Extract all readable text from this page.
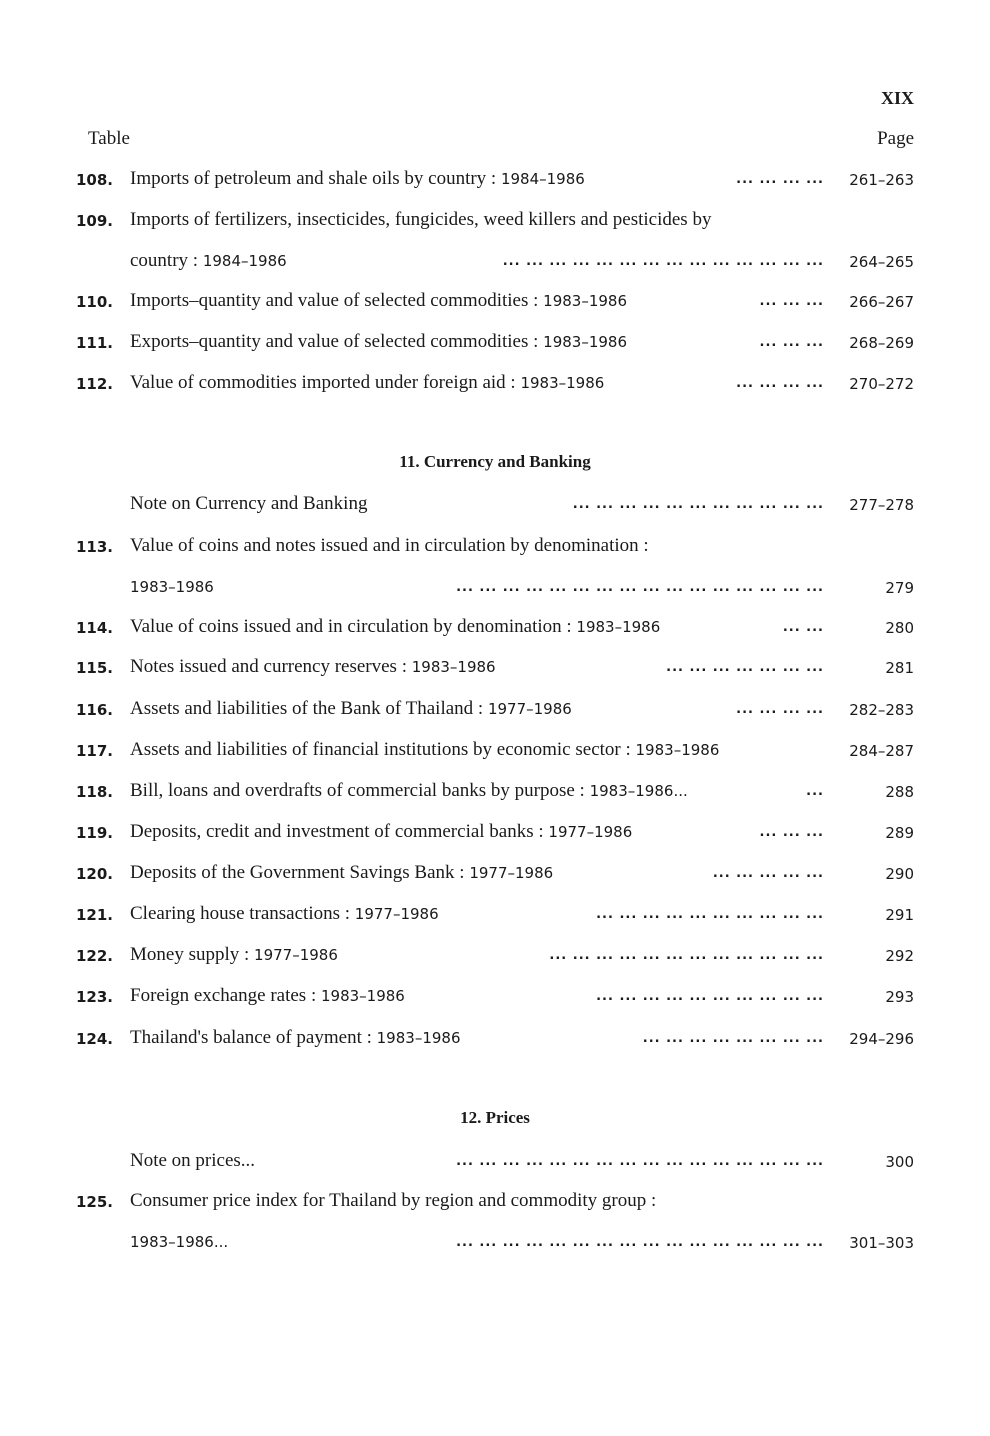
XIX
Table	Page
108. Imports of petroleum and shale oils by country : 1984–1986	... ... ... ... 261–263
109. Imports of fertilizers, insecticides, fungicides, weed killers and pesticides by
country : 1984–1986	... ... ... ... ... ... ... ... ... ... ... ... ... ... 264–265
110. Imports–quantity and value of selected commodities : 1983–1986	... ... ... 266–267
111. Exports–quantity and value of selected commodities : 1983–1986	... ... ... 268–269
112. Value of commodities imported under foreign aid : 1983–1986	... ... ... ... 270–272
11. Currency and Banking
Note on Currency and Banking	... ... ... ... ... ... ... ... ... ... ... 277–278
113. Value of coins and notes issued and in circulation by denomination :
1983–1986	... ... ... ... ... ... ... ... ... ... ... ... ... ... ... ...	279
114. Value of coins issued and in circulation by denomination : 1983–1986	... ...	280
115. Notes issued and currency reserves : 1983–1986	... ... ... ... ... ... ...	281
116. Assets and liabilities of the Bank of Thailand : 1977–1986	... ... ... ... 282–283
117. Assets and liabilities of financial institutions by economic sector : 1983–1986	284–287
118. Bill, loans and overdrafts of commercial banks by purpose : 1983–1986...	...	288
119. Deposits, credit and investment of commercial banks : 1977–1986	... ... ...	289
120. Deposits of the Government Savings Bank : 1977–1986	... ... ... ... ...	290
121. Clearing house transactions : 1977–1986	... ... ... ... ... ... ... ... ... ...	291
122. Money supply : 1977–1986	... ... ... ... ... ... ... ... ... ... ... ...	292
123. Foreign exchange rates : 1983–1986	... ... ... ... ... ... ... ... ... ...	293
124. Thailand's balance of payment : 1983–1986	... ... ... ... ... ... ... ... 294–296
12. Prices
Note on prices...	... ... ... ... ... ... ... ... ... ... ... ... ... ... ... ...	300
125. Consumer price index for Thailand by region and commodity group :
1983–1986...	... ... ... ... ... ... ... ... ... ... ... ... ... ... ... ... 301–303
